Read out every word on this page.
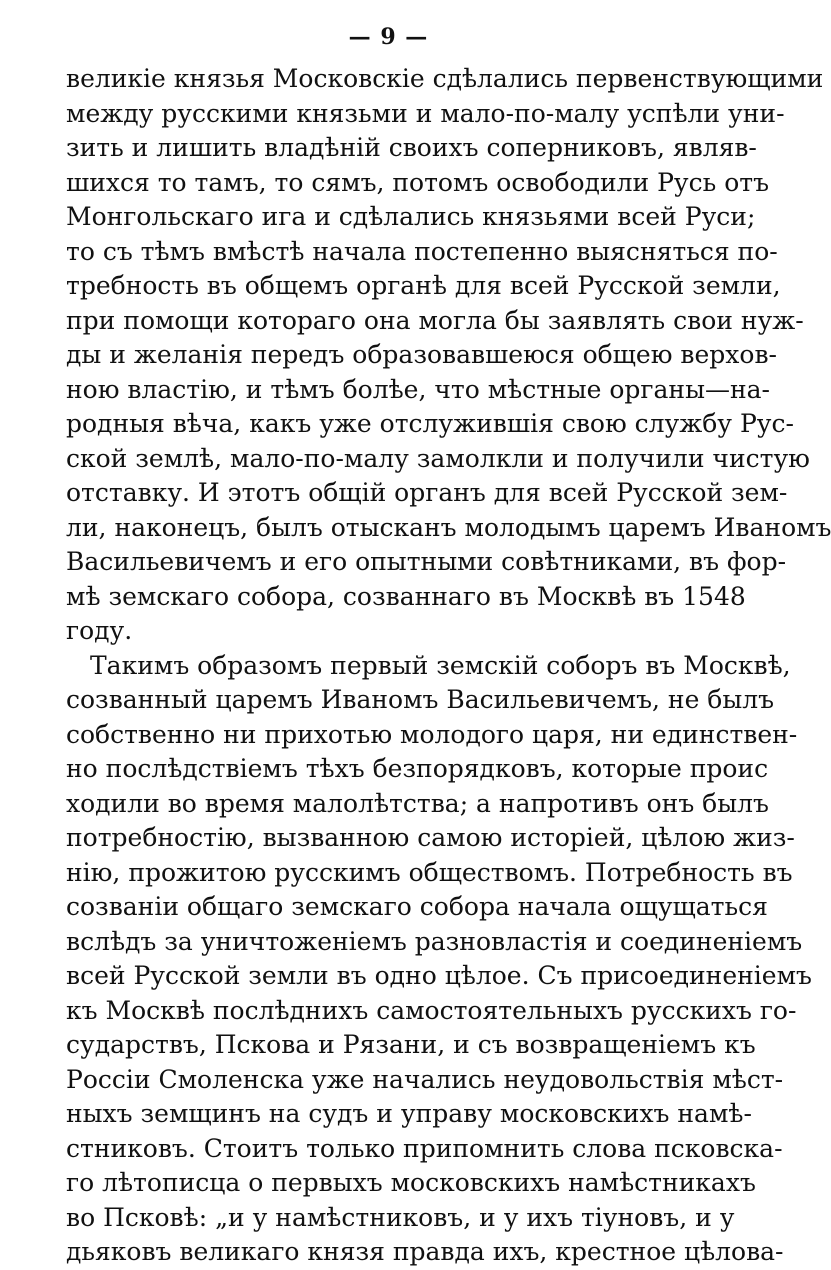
— 9 —
великіе князья Московскіе сдѣлались первенствующими
между русскими князьми и мало-по-малу успѣли уни-
зить и лишить владѣній своихъ соперниковъ, являв-
шихся то тамъ, то сямъ, потомъ освободили Русь отъ
Монгольскаго ига и сдѣлались князьями всей Руси;
то съ тѣмъ вмѣстѣ начала постепенно выясняться по-
требность въ общемъ органѣ для всей Русской земли,
при помощи котораго она могла бы заявлять свои нуж-
ды и желанія передъ образовавшеюся общею верхов-
ною властію, и тѣмъ болѣе, что мѣстные органы—на-
родныя вѣча, какъ уже отслужившія свою службу Рус-
ской землѣ, мало-по-малу замолкли и получили чистую
отставку. И этотъ общій органъ для всей Русской зем-
ли, наконецъ, былъ отысканъ молодымъ царемъ Иваномъ
Васильевичемъ и его опытными совѣтниками, въ фор-
мѣ земскаго собора, созваннаго въ Москвѣ въ 1548
году.
Такимъ образомъ первый земскій соборъ въ Москвѣ,
созванный царемъ Иваномъ Васильевичемъ, не былъ
собственно ни прихотью молодого царя, ни единствен-
но послѣдствіемъ тѣхъ безпорядковъ, которые проис
ходили во время малолѣтства; а напротивъ онъ былъ
потребностію, вызванною самою исторіей, цѣлою жиз-
нію, прожитою русскимъ обществомъ. Потребность въ
созваніи общаго земскаго собора начала ощущаться
вслѣдъ за уничтоженіемъ разновластія и соединеніемъ
всей Русской земли въ одно цѣлое. Съ присоединеніемъ
къ Москвѣ послѣднихъ самостоятельныхъ русскихъ го-
сударствъ, Пскова и Рязани, и съ возвращеніемъ къ
Россіи Смоленска уже начались неудовольствія мѣст-
ныхъ земщинъ на судъ и управу московскихъ намѣ-
стниковъ. Стоитъ только припомнить слова псковска-
го лѣтописца о первыхъ московскихъ намѣстникахъ
во Псковѣ: „и у намѣстниковъ, и у ихъ тіуновъ, и у
дьяковъ великаго князя правда ихъ, крестное цѣлова-
